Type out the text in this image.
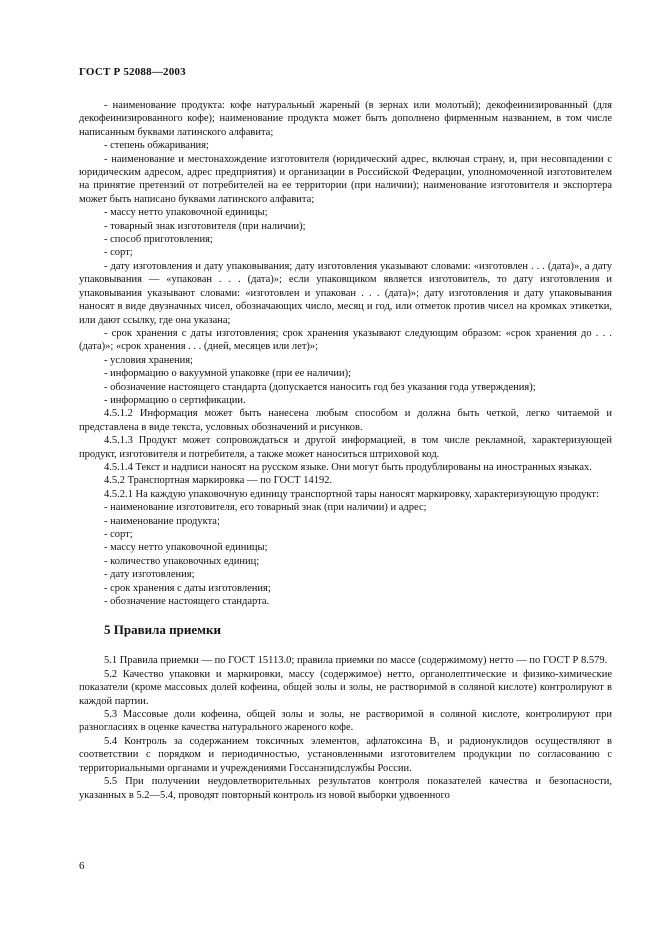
ГОСТ Р 52088—2003

- наименование продукта: кофе натуральный жареный (в зернах или молотый); декофеинизированный (для декофеинизированного кофе); наименование продукта может быть дополнено фирменным названием, в том числе написанным буквами латинского алфавита;

- степень обжаривания;

- наименование и местонахождение изготовителя (юридический адрес, включая страну, и, при несовпадении с юридическим адресом, адрес предприятия) и организации в Российской Федерации, уполномоченной изготовителем на принятие претензий от потребителей на ее территории (при наличии); наименование изготовителя и экспортера может быть написано буквами латинского алфавита;

- массу нетто упаковочной единицы;

- товарный знак изготовителя (при наличии);

- способ приготовления;

- сорт;

- дату изготовления и дату упаковывания; дату изготовления указывают словами: «изготовлен . . . (дата)», а дату упаковывания — «упакован . . . (дата)»; если упаковщиком является изготовитель, то дату изготовления и упаковывания указывают словами: «изготовлен и упакован . . . (дата)»; дату изготовления и дату упаковывания наносят в виде двузначных чисел, обозначающих число, месяц и год, или отметок против чисел на кромках этикетки, или дают ссылку, где она указана;

- срок хранения с даты изготовления; срок хранения указывают следующим образом: «срок хранения до . . . (дата)»; «срок хранения . . . (дней, месяцев или лет)»;

- условия хранения;

- информацию о вакуумной упаковке (при ее наличии);

- обозначение настоящего стандарта (допускается наносить год без указания года утверждения);

- информацию о сертификации.

4.5.1.2 Информация может быть нанесена любым способом и должна быть четкой, легко читаемой и представлена в виде текста, условных обозначений и рисунков.

4.5.1.3 Продукт может сопровождаться и другой информацией, в том числе рекламной, характеризующей продукт, изготовителя и потребителя, а также может наноситься штриховой код.

4.5.1.4 Текст и надписи наносят на русском языке. Они могут быть продублированы на иностранных языках.

4.5.2 Транспортная маркировка — по ГОСТ 14192.

4.5.2.1 На каждую упаковочную единицу транспортной тары наносят маркировку, характеризующую продукт:

- наименование изготовителя, его товарный знак (при наличии) и адрес;

- наименование продукта;

- сорт;

- массу нетто упаковочной единицы;

- количество упаковочных единиц;

- дату изготовления;

- срок хранения с даты изготовления;

- обозначение настоящего стандарта.

5 Правила приемки

5.1 Правила приемки — по ГОСТ 15113.0; правила приемки по массе (содержимому) нетто — по ГОСТ Р 8.579.

5.2 Качество упаковки и маркировки, массу (содержимое) нетто, органолептические и физико-химические показатели (кроме массовых долей кофеина, общей золы и золы, не растворимой в соляной кислоте) контролируют в каждой партии.

5.3 Массовые доли кофеина, общей золы и золы, не растворимой в соляной кислоте, контролируют при разногласиях в оценке качества натурального жареного кофе.

5.4 Контроль за содержанием токсичных элементов, афлатоксина B₁ и радионуклидов осуществляют в соответствии с порядком и периодичностью, установленными изготовителем продукции по согласованию с территориальными органами и учреждениями Госсанэпидслужбы России.

5.5 При получении неудовлетворительных результатов контроля показателей качества и безопасности, указанных в 5.2—5.4, проводят повторный контроль из новой выборки удвоенного

6
